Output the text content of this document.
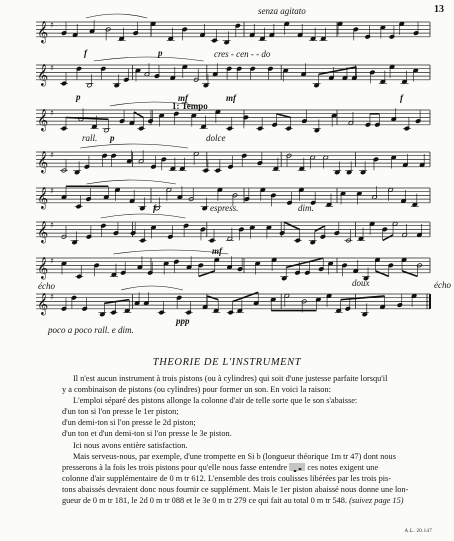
𝄞 ♯
𝄞 ♯
𝄞 ♯
𝄞 ♯
𝄞 ♯
𝄞 ♯
𝄞 ♯
𝄞 ♯
13
senza agitato
f	p	cres - cen - - do
p	mf	mf	f
1: Tempo
rall. p	dolce
f	espress.	dim.
mf
écho	doux	écho
ppp
poco a poco rall. e dim.
THEORIE DE L'INSTRUMENT

Il n'est aucun instrument à trois pistons (ou à cylindres) qui soit d'une justesse parfaite lorsqu'il

y a combinaison de pistons (ou cylindres) pour former un son. En voici la raison:

L'emploi séparé des pistons allonge la colonne d'air de telle sorte que le son s'abaisse:

d'un ton si l'on presse le 1er piston;

d'un demi-ton si l'on presse le 2d piston;

d'un ton et d'un demi-ton si l'on presse le 3e piston.

Ici nous avons entière satisfaction.

Mais serveus-nous, par exemple, d'une trompette en Si b (longueur théorique 1m tr 47) dont nous

presserons à la fois les trois pistons pour qu'elle nous fasse entendre ces notes exigent une

colonne d'air supplémentaire de 0 m tr 612. L'ensemble des trois coulisses libérées par les trois pis-

tons abaissés devraient donc nous fournir ce supplément. Mais le 1er piston abaissé nous donne une lon-

gueur de 0 m tr 181, le 2d 0 m tr 088 et le 3e 0 m tr 279 ce qui fait au total 0 m tr 548. (suivez page 15)

A.L. 20.147
